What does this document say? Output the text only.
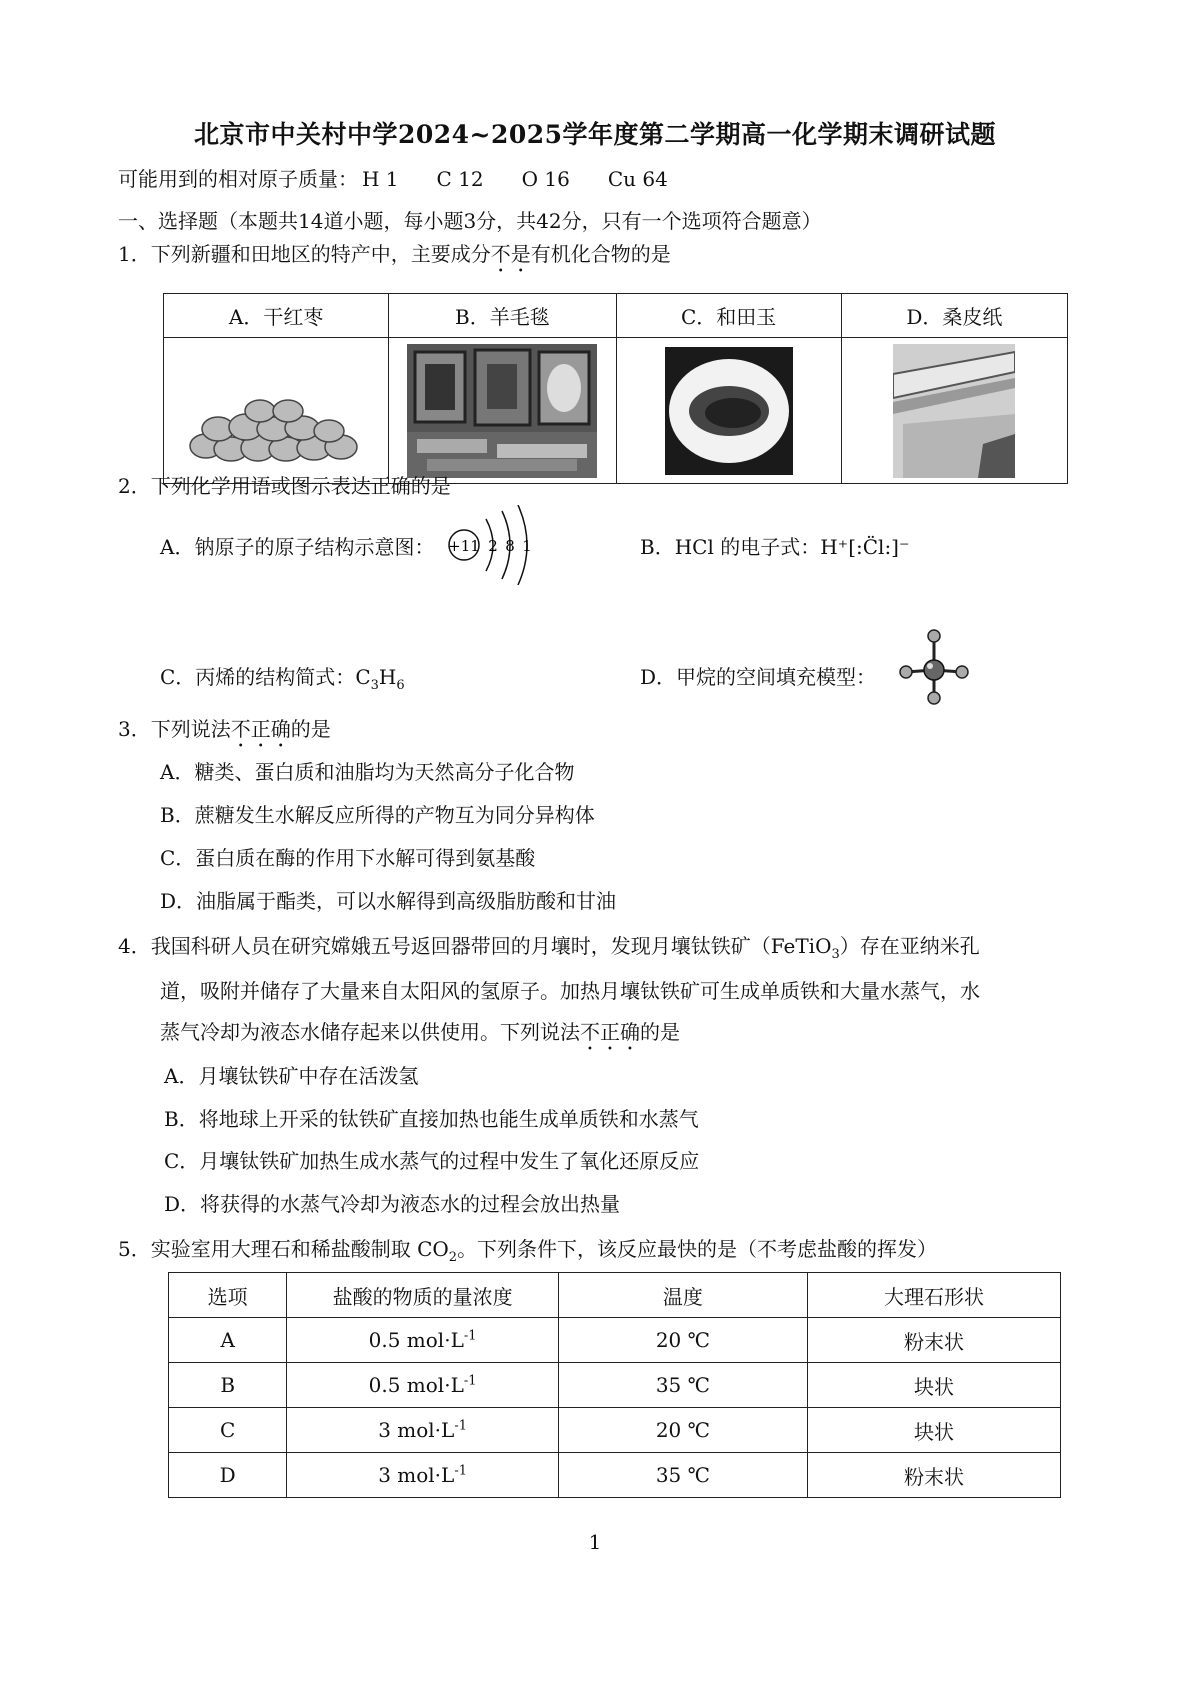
北京市中关村中学2024~2025学年度第二学期高一化学期末调研试题
可能用到的相对原子质量： H 1 C 12 O 16 Cu 64
一、选择题（本题共14道小题，每小题3分，共42分，只有一个选项符合题意）
1．下列新疆和田地区的特产中，主要成分不是有机化合物的是
A．干红枣	B．羊毛毯	C．和田玉	D．桑皮纸

2．下列化学用语或图示表达正确的是
A．钠原子的原子结构示意图： +11 2 8 1	B．HCl 的电子式：H⁺[:C̈l:]⁻
C．丙烯的结构简式：$C_3H_6$	D．甲烷的空间填充模型：
3．下列说法不正确的是
A．糖类、蛋白质和油脂均为天然高分子化合物
B．蔗糖发生水解反应所得的产物互为同分异构体
C．蛋白质在酶的作用下水解可得到氨基酸
D．油脂属于酯类，可以水解得到高级脂肪酸和甘油
4．我国科研人员在研究嫦娥五号返回器带回的月壤时，发现月壤钛铁矿（FeTiO$_3$）存在亚纳米孔
道，吸附并储存了大量来自太阳风的氢原子。加热月壤钛铁矿可生成单质铁和大量水蒸气，水
蒸气冷却为液态水储存起来以供使用。下列说法不正确的是
A．月壤钛铁矿中存在活泼氢
B．将地球上开采的钛铁矿直接加热也能生成单质铁和水蒸气
C．月壤钛铁矿加热生成水蒸气的过程中发生了氧化还原反应
D．将获得的水蒸气冷却为液态水的过程会放出热量
5．实验室用大理石和稀盐酸制取 $CO_2$。下列条件下，该反应最快的是（不考虑盐酸的挥发）
选项	盐酸的物质的量浓度	温度	大理石形状
A	0.5 $mol\cdot L^{-1}$	20 ℃	粉末状
B	0.5 $mol\cdot L^{-1}$	35 ℃	块状
C	3 $mol\cdot L^{-1}$	20 ℃	块状
D	3 $mol\cdot L^{-1}$	35 ℃	粉末状
1
